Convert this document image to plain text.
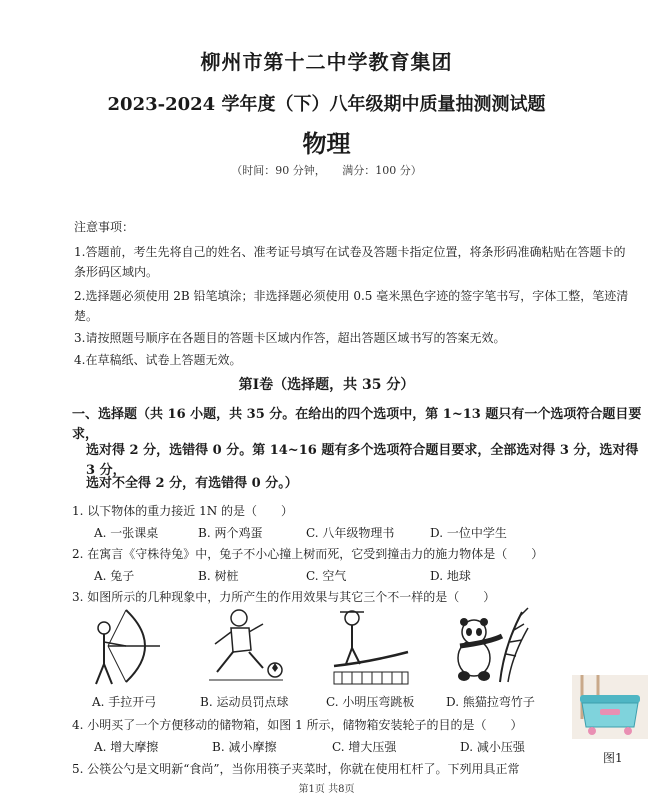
柳州市第十二中学教育集团
2023-2024 学年度（下）八年级期中质量抽测测试题
物理
（时间：90 分钟，　　满分：100 分）
注意事项：
1.答题前，考生先将自己的姓名、准考证号填写在试卷及答题卡指定位置，将条形码准确粘贴在答题卡的条形码区域内。
2.选择题必须使用 2B 铅笔填涂；非选择题必须使用 0.5 毫米黑色字迹的签字笔书写，字体工整，笔迹清楚。
3.请按照题号顺序在各题目的答题卡区域内作答，超出答题区域书写的答案无效。
4.在草稿纸、试卷上答题无效。
第Ⅰ卷（选择题，共 35 分）
一、选择题（共 16 小题，共 35 分。在给出的四个选项中，第 1~13 题只有一个选项符合题目要求，
选对得 2 分，选错得 0 分。第 14~16 题有多个选项符合题目要求，全部选对得 3 分，选对得 3 分，
选对不全得 2 分，有选错得 0 分。）
1. 以下物体的重力接近 1N 的是（　　）
A. 一张课桌	B. 两个鸡蛋	C. 八年级物理书	D. 一位中学生
2. 在寓言《守株待兔》中，兔子不小心撞上树而死，它受到撞击力的施力物体是（　　）
A. 兔子	B. 树桩	C. 空气	D. 地球
3. 如图所示的几种现象中，力所产生的作用效果与其它三个不一样的是（　　）
A. 手拉开弓	B. 运动员罚点球	C. 小明压弯跳板	D. 熊猫拉弯竹子
图1
4. 小明买了一个方便移动的储物箱，如图 1 所示，储物箱安装轮子的目的是（　　）
A. 增大摩擦	B. 减小摩擦	C. 增大压强	D. 减小压强
5. 公筷公勺是文明新“食尚”，当你用筷子夹菜时，你就在使用杠杆了。下列用具正常
第1页 共8页
